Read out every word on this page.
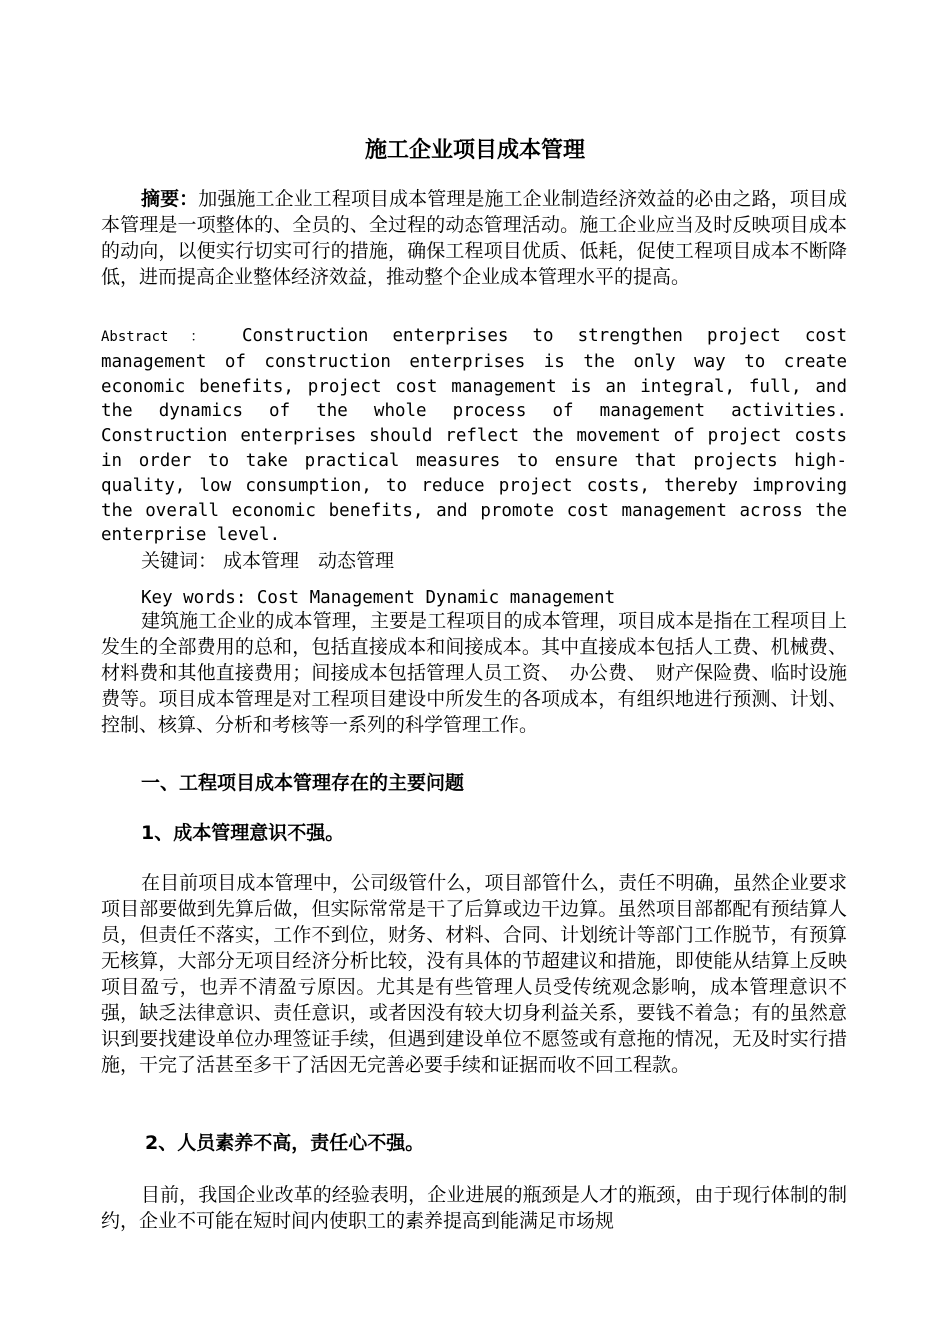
施工企业项目成本管理

摘要：加强施工企业工程项目成本管理是施工企业制造经济效益的必由之路，项目成本管理是一项整体的、全员的、全过程的动态管理活动。施工企业应当及时反映项目成本的动向，以便实行切实可行的措施，确保工程项目优质、低耗，促使工程项目成本不断降低，进而提高企业整体经济效益，推动整个企业成本管理水平的提高。

Abstract ： Construction enterprises to strengthen project cost management of construction enterprises is the only way to create economic benefits, project cost management is an integral, full, and the dynamics of the whole process of management activities. Construction enterprises should reflect the movement of project costs in order to take practical measures to ensure that projects high-quality, low consumption, to reduce project costs, thereby improving the overall economic benefits, and promote cost management across the enterprise level.

关键词： 成本管理　动态管理

Key words: Cost Management Dynamic management

建筑施工企业的成本管理，主要是工程项目的成本管理，项目成本是指在工程项目上发生的全部费用的总和，包括直接成本和间接成本。其中直接成本包括人工费、机械费、材料费和其他直接费用；间接成本包括管理人员工资、　办公费、　财产保险费、临时设施费等。项目成本管理是对工程项目建设中所发生的各项成本，有组织地进行预测、计划、控制、核算、分析和考核等一系列的科学管理工作。

一、工程项目成本管理存在的主要问题
1、成本管理意识不强。

在目前项目成本管理中，公司级管什么，项目部管什么，责任不明确，虽然企业要求项目部要做到先算后做，但实际常常是干了后算或边干边算。虽然项目部都配有预结算人员，但责任不落实，工作不到位，财务、材料、合同、计划统计等部门工作脱节，有预算无核算，大部分无项目经济分析比较，没有具体的节超建议和措施，即使能从结算上反映项目盈亏，也弄不清盈亏原因。尤其是有些管理人员受传统观念影响，成本管理意识不强，缺乏法律意识、责任意识，或者因没有较大切身利益关系，要钱不着急；有的虽然意识到要找建设单位办理签证手续，但遇到建设单位不愿签或有意拖的情况，无及时实行措施，干完了活甚至多干了活因无完善必要手续和证据而收不回工程款。

2、人员素养不高，责任心不强。

目前，我国企业改革的经验表明，企业进展的瓶颈是人才的瓶颈，由于现行体制的制约，企业不可能在短时间内使职工的素养提高到能满足市场规
